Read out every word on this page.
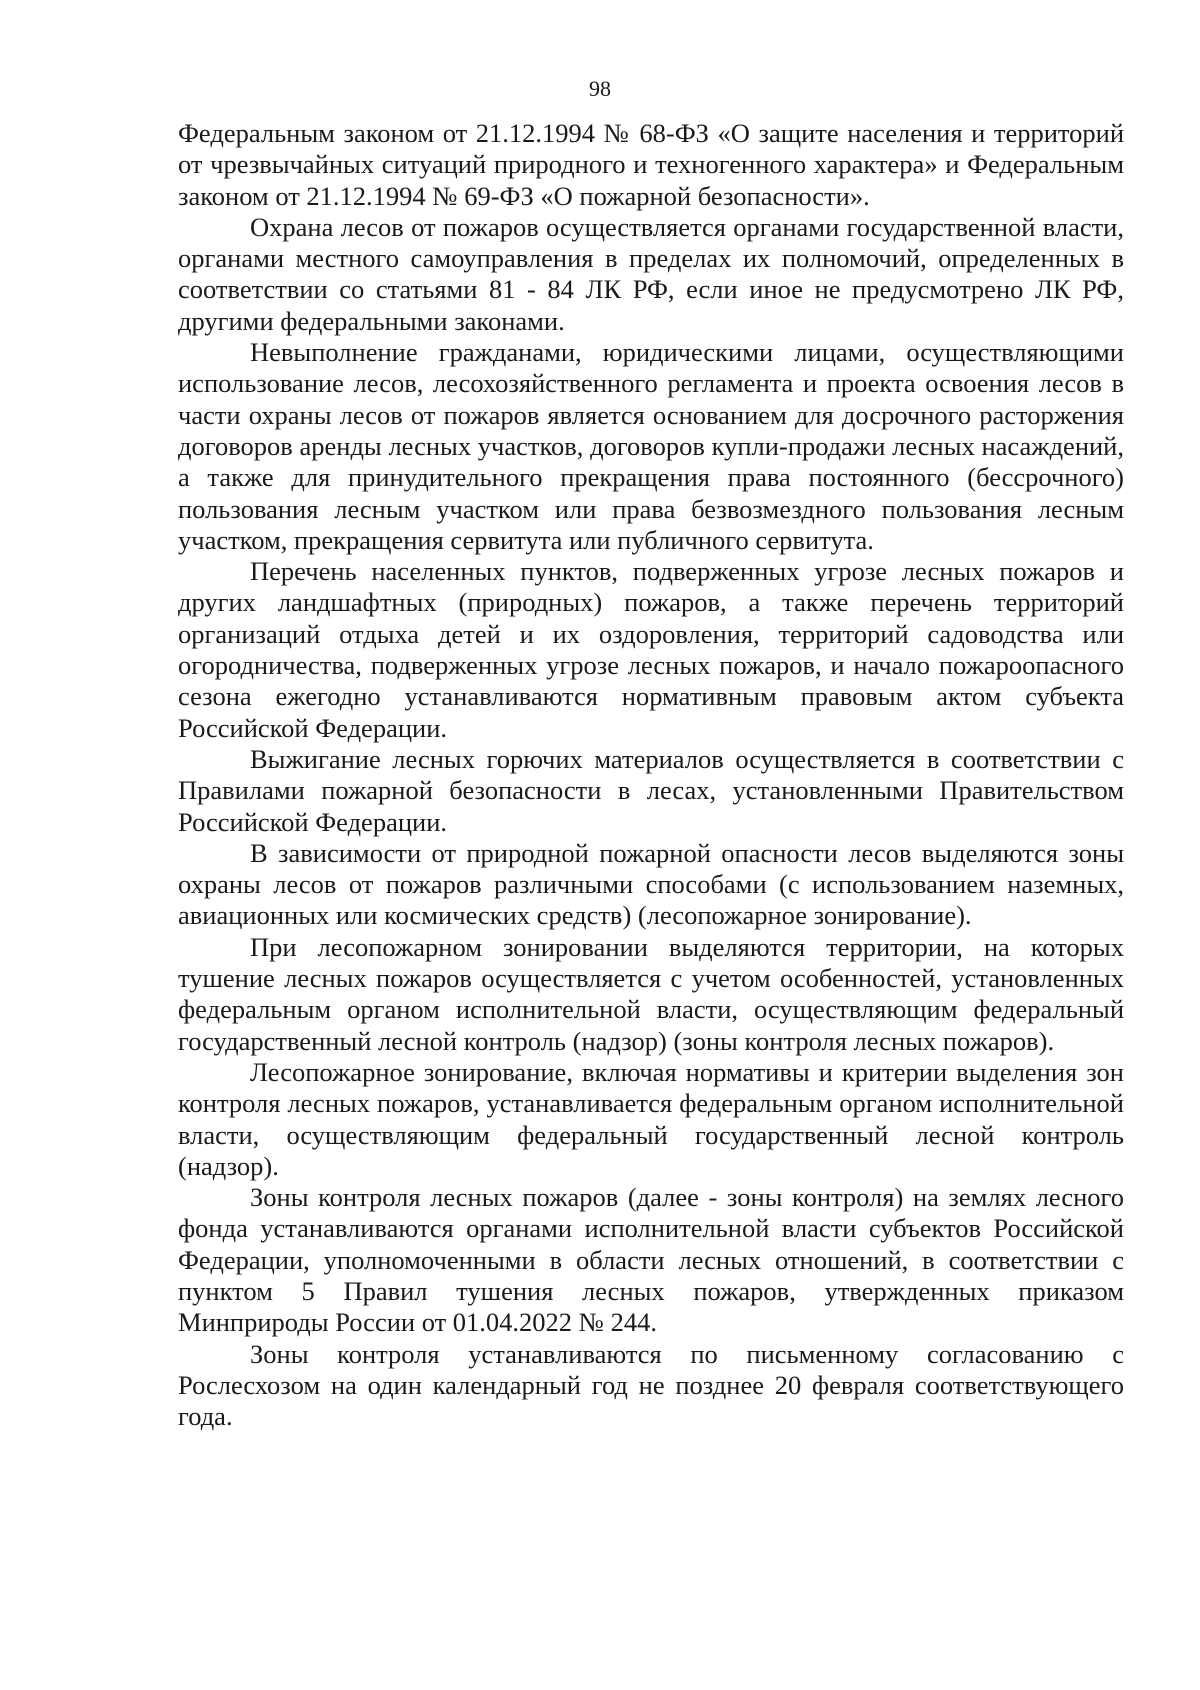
98

Федеральным законом от 21.12.1994 № 68-ФЗ «О защите населения и территорий от чрезвычайных ситуаций природного и техногенного характера» и Федеральным законом от 21.12.1994 № 69-ФЗ «О пожарной безопасности».

Охрана лесов от пожаров осуществляется органами государственной власти, органами местного самоуправления в пределах их полномочий, определенных в соответствии со статьями 81 - 84 ЛК РФ, если иное не предусмотрено ЛК РФ, другими федеральными законами.

Невыполнение гражданами, юридическими лицами, осуществляющими использование лесов, лесохозяйственного регламента и проекта освоения лесов в части охраны лесов от пожаров является основанием для досрочного расторжения договоров аренды лесных участков, договоров купли-продажи лесных насаждений, а также для принудительного прекращения права постоянного (бессрочного) пользования лесным участком или права безвозмездного пользования лесным участком, прекращения сервитута или публичного сервитута.

Перечень населенных пунктов, подверженных угрозе лесных пожаров и других ландшафтных (природных) пожаров, а также перечень территорий организаций отдыха детей и их оздоровления, территорий садоводства или огородничества, подверженных угрозе лесных пожаров, и начало пожароопасного сезона ежегодно устанавливаются нормативным правовым актом субъекта Российской Федерации.

Выжигание лесных горючих материалов осуществляется в соответствии с Правилами пожарной безопасности в лесах, установленными Правительством Российской Федерации.

В зависимости от природной пожарной опасности лесов выделяются зоны охраны лесов от пожаров различными способами (с использованием наземных, авиационных или космических средств) (лесопожарное зонирование).

При лесопожарном зонировании выделяются территории, на которых тушение лесных пожаров осуществляется с учетом особенностей, установленных федеральным органом исполнительной власти, осуществляющим федеральный государственный лесной контроль (надзор) (зоны контроля лесных пожаров).

Лесопожарное зонирование, включая нормативы и критерии выделения зон контроля лесных пожаров, устанавливается федеральным органом исполнительной власти, осуществляющим федеральный государственный лесной контроль (надзор).

Зоны контроля лесных пожаров (далее - зоны контроля) на землях лесного фонда устанавливаются органами исполнительной власти субъектов Российской Федерации, уполномоченными в области лесных отношений, в соответствии с пунктом 5 Правил тушения лесных пожаров, утвержденных приказом Минприроды России от 01.04.2022 № 244.

Зоны контроля устанавливаются по письменному согласованию с Рослесхозом на один календарный год не позднее 20 февраля соответствующего года.
